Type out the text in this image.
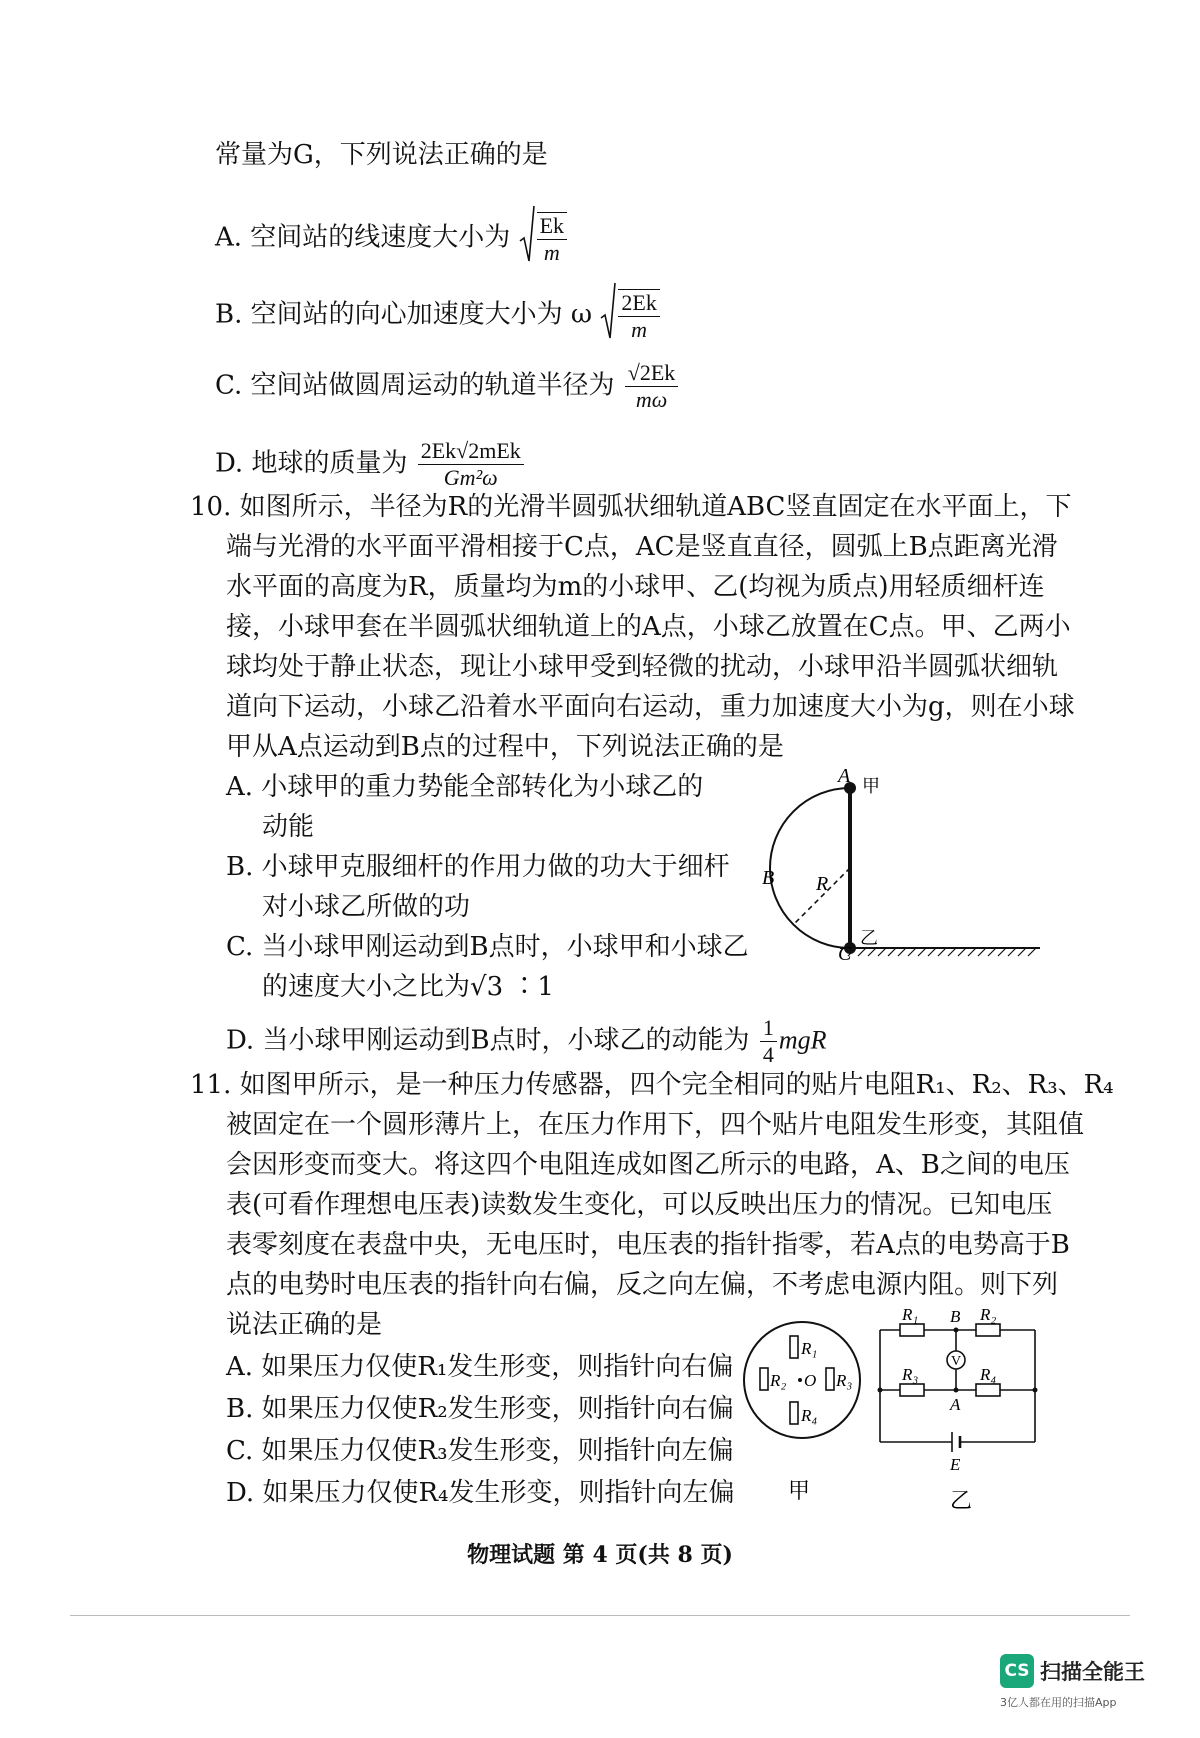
常量为G，下列说法正确的是
A. 空间站的线速度大小为 $\frac{Ek}{m}$
B. 空间站的向心加速度大小为 ω $\frac{2Ek}{m}$
C. 空间站做圆周运动的轨道半径为 $\frac{√2Ek}{m\omega}$
D. 地球的质量为 $\frac{\text{2Ek√2mEk}}{\text{Gm²ω}}$
10. 如图所示，半径为R的光滑半圆弧状细轨道ABC竖直固定在水平面上，下
端与光滑的水平面平滑相接于C点，AC是竖直直径，圆弧上B点距离光滑
水平面的高度为R，质量均为m的小球甲、乙(均视为质点)用轻质细杆连
接，小球甲套在半圆弧状细轨道上的A点，小球乙放置在C点。甲、乙两小
球均处于静止状态，现让小球甲受到轻微的扰动，小球甲沿半圆弧状细轨
道向下运动，小球乙沿着水平面向右运动，重力加速度大小为g，则在小球
甲从A点运动到B点的过程中，下列说法正确的是
A. 小球甲的重力势能全部转化为小球乙的
动能
B. 小球甲克服细杆的作用力做的功大于细杆
对小球乙所做的功
C. 当小球甲刚运动到B点时，小球甲和小球乙
的速度大小之比为√3 ∶1
D. 当小球甲刚运动到B点时，小球乙的动能为 $\frac{1}{4}$ mgR
A 甲
B R
C
乙
11. 如图甲所示，是一种压力传感器，四个完全相同的贴片电阻R₁、R₂、R₃、R₄
被固定在一个圆形薄片上，在压力作用下，四个贴片电阻发生形变，其阻值
会因形变而变大。将这四个电阻连成如图乙所示的电路，A、B之间的电压
表(可看作理想电压表)读数发生变化，可以反映出压力的情况。已知电压
表零刻度在表盘中央，无电压时，电压表的指针指零，若A点的电势高于B
点的电势时电压表的指针向右偏，反之向左偏，不考虑电源内阻。则下列
说法正确的是
A. 如果压力仅使R₁发生形变，则指针向右偏
B. 如果压力仅使R₂发生形变，则指针向右偏
C. 如果压力仅使R₃发生形变，则指针向左偏
D. 如果压力仅使R₄发生形变，则指针向左偏
R₁
R₂	R₃
R₄
O
甲
R₁ B R₂
R₃	R₄
V
A
E
乙
物理试题 第 4 页(共 8 页)
CS 扫描全能王
3亿人都在用的扫描App
